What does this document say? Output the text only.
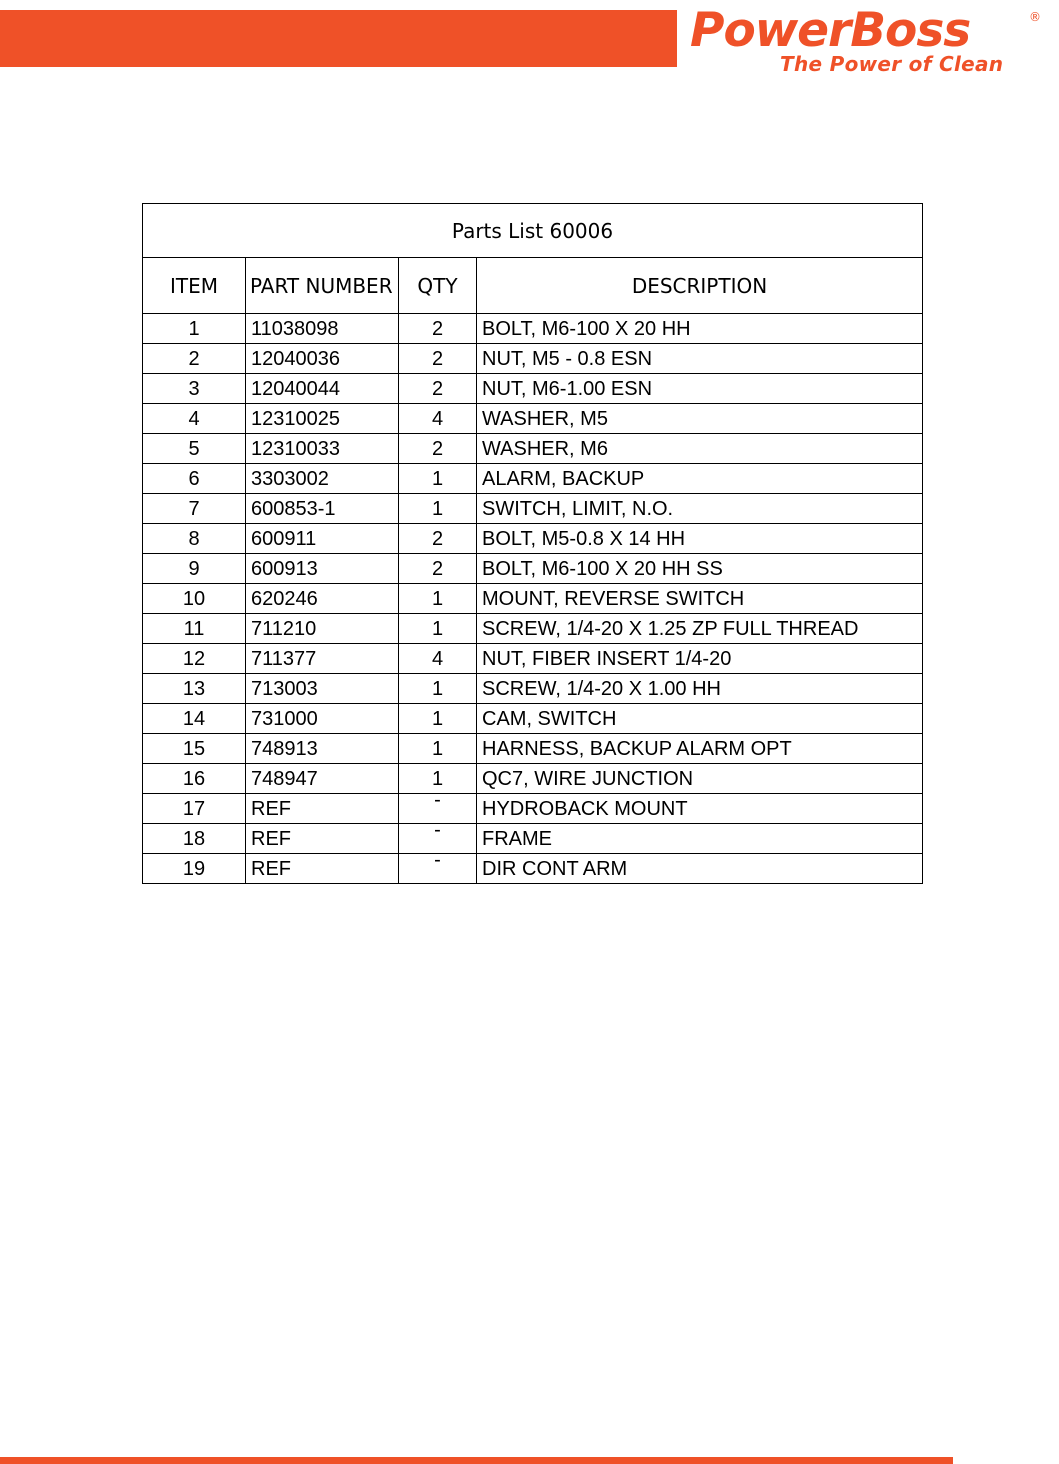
PowerBoss	®
The Power of Clean
Parts List 60006			
ITEM	PART NUMBER	QTY	DESCRIPTION
1	11038098	2	BOLT, M6-100 X 20 HH
2	12040036	2	NUT, M5 - 0.8 ESN
3	12040044	2	NUT, M6-1.00 ESN
4	12310025	4	WASHER, M5
5	12310033	2	WASHER, M6
6	3303002	1	ALARM, BACKUP
7	600853-1	1	SWITCH, LIMIT, N.O.
8	600911	2	BOLT, M5-0.8 X 14 HH
9	600913	2	BOLT, M6-100 X 20 HH SS
10	620246	1	MOUNT, REVERSE SWITCH
11	711210	1	SCREW, 1/4-20 X 1.25 ZP FULL THREAD
12	711377	4	NUT, FIBER INSERT 1/4-20
13	713003	1	SCREW, 1/4-20 X 1.00 HH
14	731000	1	CAM, SWITCH
15	748913	1	HARNESS, BACKUP ALARM OPT
16	748947	1	QC7, WIRE JUNCTION
17	REF	-	HYDROBACK MOUNT
18	REF	-	FRAME
19	REF	-	DIR CONT ARM
